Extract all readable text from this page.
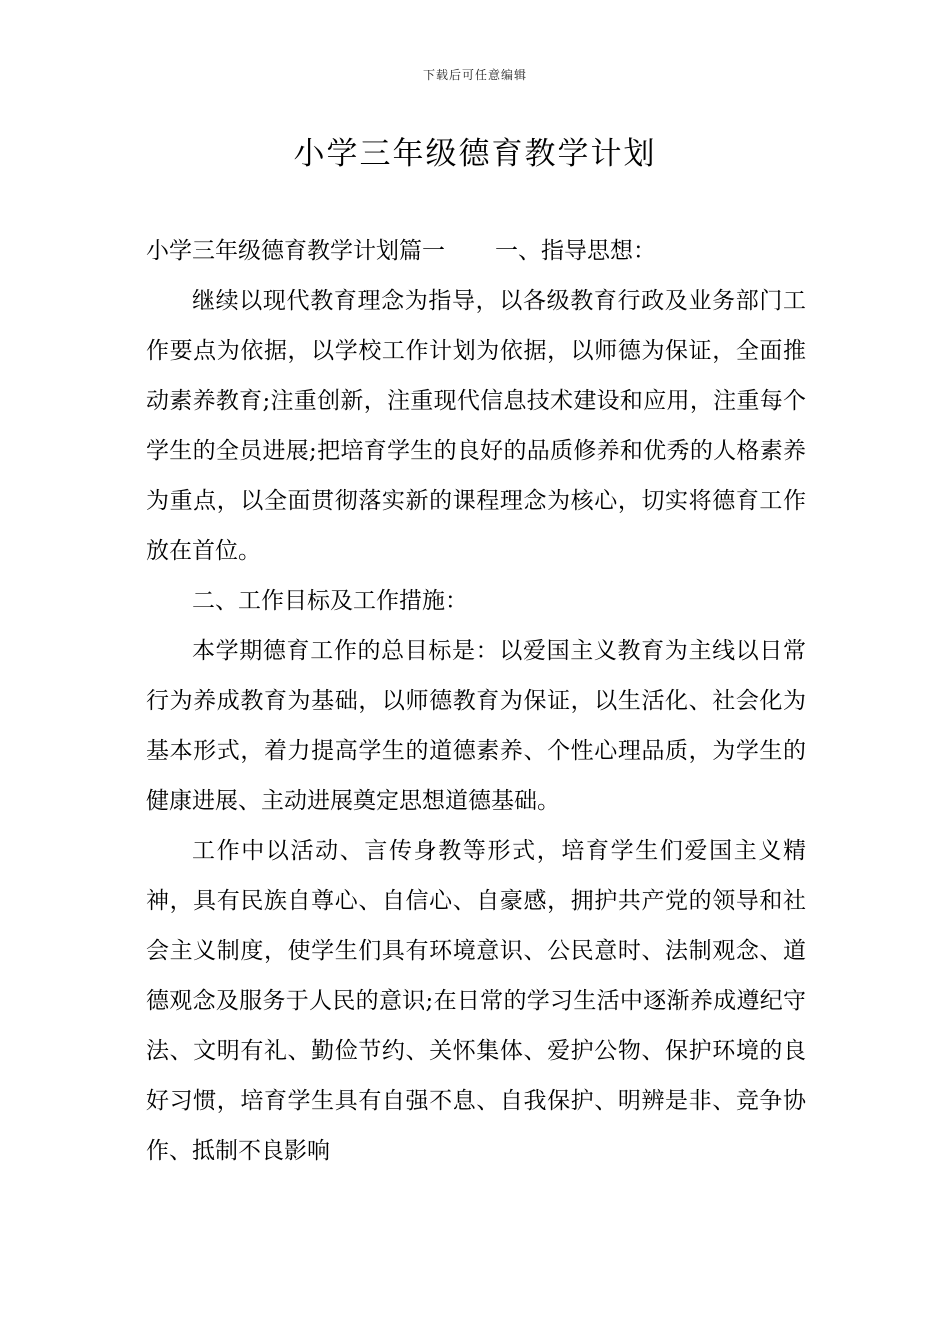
下载后可任意编辑
小学三年级德育教学计划

小学三年级德育教学计划篇一 一、指导思想：

继续以现代教育理念为指导，以各级教育行政及业务部门工作要点为依据，以学校工作计划为依据，以师德为保证，全面推动素养教育;注重创新，注重现代信息技术建设和应用，注重每个学生的全员进展;把培育学生的良好的品质修养和优秀的人格素养为重点，以全面贯彻落实新的课程理念为核心，切实将德育工作放在首位。

二、工作目标及工作措施：

本学期德育工作的总目标是：以爱国主义教育为主线以日常行为养成教育为基础，以师德教育为保证，以生活化、社会化为基本形式，着力提高学生的道德素养、个性心理品质，为学生的健康进展、主动进展奠定思想道德基础。

工作中以活动、言传身教等形式，培育学生们爱国主义精神，具有民族自尊心、自信心、自豪感，拥护共产党的领导和社会主义制度，使学生们具有环境意识、公民意时、法制观念、道德观念及服务于人民的意识;在日常的学习生活中逐渐养成遵纪守法、文明有礼、勤俭节约、关怀集体、爱护公物、保护环境的良好习惯，培育学生具有自强不息、自我保护、明辨是非、竞争协作、抵制不良影响
